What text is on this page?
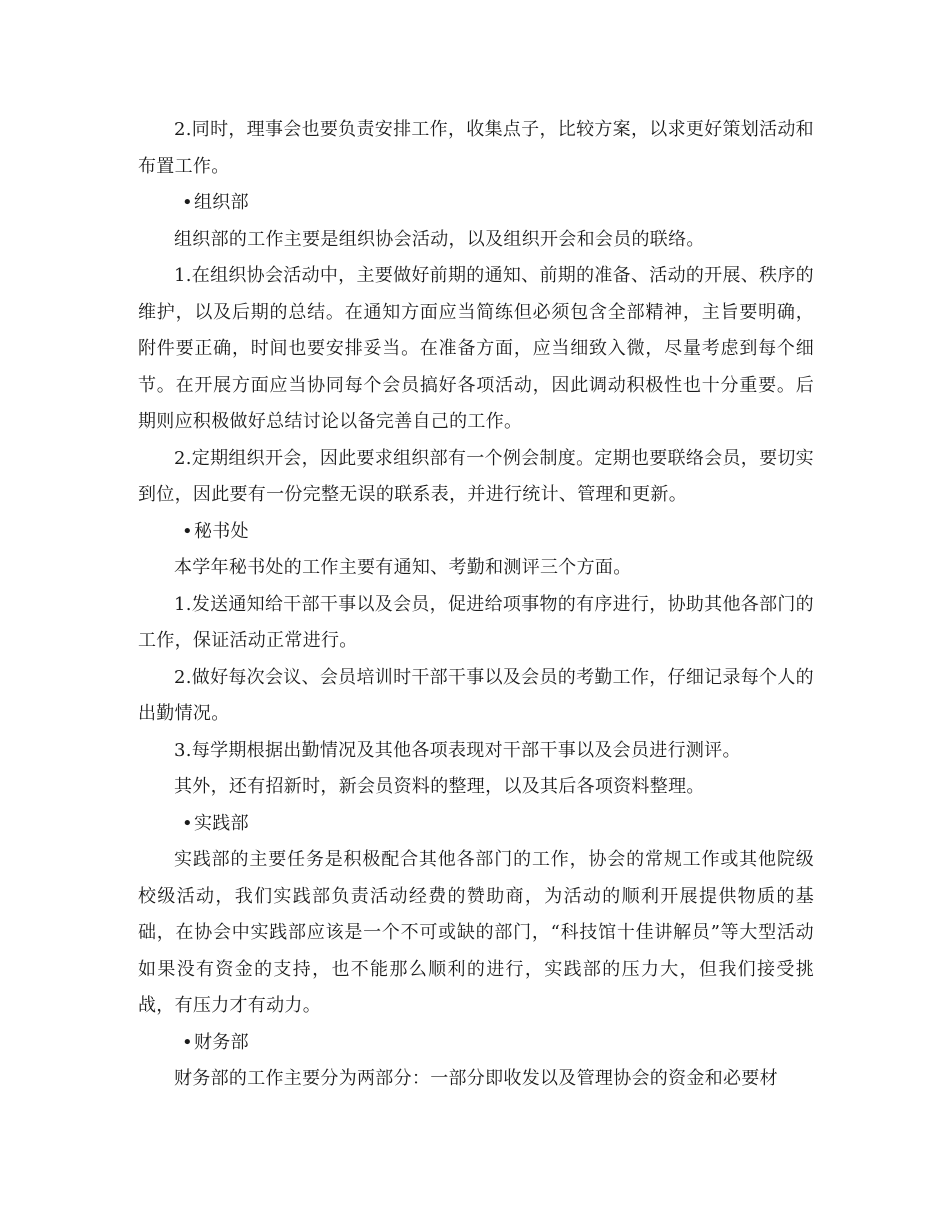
2.同时，理事会也要负责安排工作，收集点子，比较方案，以求更好策划活动和布置工作。

•组织部

组织部的工作主要是组织协会活动，以及组织开会和会员的联络。

1.在组织协会活动中，主要做好前期的通知、前期的准备、活动的开展、秩序的维护，以及后期的总结。在通知方面应当简练但必须包含全部精神，主旨要明确，附件要正确，时间也要安排妥当。在准备方面，应当细致入微，尽量考虑到每个细节。在开展方面应当协同每个会员搞好各项活动，因此调动积极性也十分重要。后期则应积极做好总结讨论以备完善自己的工作。

2.定期组织开会，因此要求组织部有一个例会制度。定期也要联络会员，要切实到位，因此要有一份完整无误的联系表，并进行统计、管理和更新。

•秘书处

本学年秘书处的工作主要有通知、考勤和测评三个方面。

1.发送通知给干部干事以及会员，促进给项事物的有序进行，协助其他各部门的工作，保证活动正常进行。

2.做好每次会议、会员培训时干部干事以及会员的考勤工作，仔细记录每个人的出勤情况。

3.每学期根据出勤情况及其他各项表现对干部干事以及会员进行测评。

其外，还有招新时，新会员资料的整理，以及其后各项资料整理。

•实践部

实践部的主要任务是积极配合其他各部门的工作，协会的常规工作或其他院级校级活动，我们实践部负责活动经费的赞助商，为活动的顺利开展提供物质的基础，在协会中实践部应该是一个不可或缺的部门，“科技馆十佳讲解员”等大型活动如果没有资金的支持，也不能那么顺利的进行，实践部的压力大，但我们接受挑战，有压力才有动力。

•财务部

财务部的工作主要分为两部分：一部分即收发以及管理协会的资金和必要材
